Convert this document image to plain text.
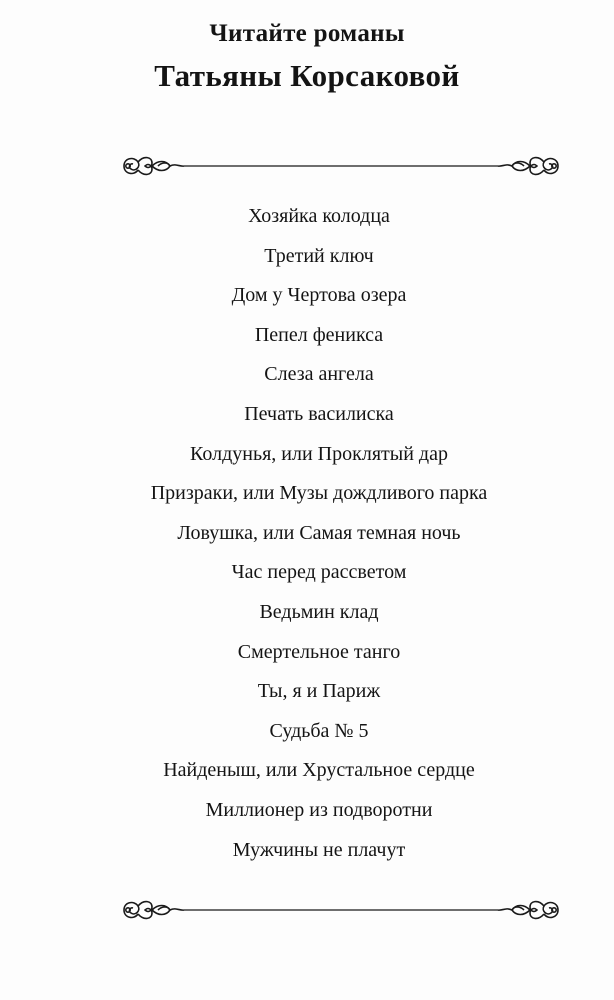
Читайте романы
Татьяны Корсаковой
Хозяйка колодца
Третий ключ
Дом у Чертова озера
Пепел феникса
Слеза ангела
Печать василиска
Колдунья, или Проклятый дар
Призраки, или Музы дождливого парка
Ловушка, или Самая темная ночь
Час перед рассветом
Ведьмин клад
Смертельное танго
Ты, я и Париж
Судьба № 5
Найденыш, или Хрустальное сердце
Миллионер из подворотни
Мужчины не плачут
